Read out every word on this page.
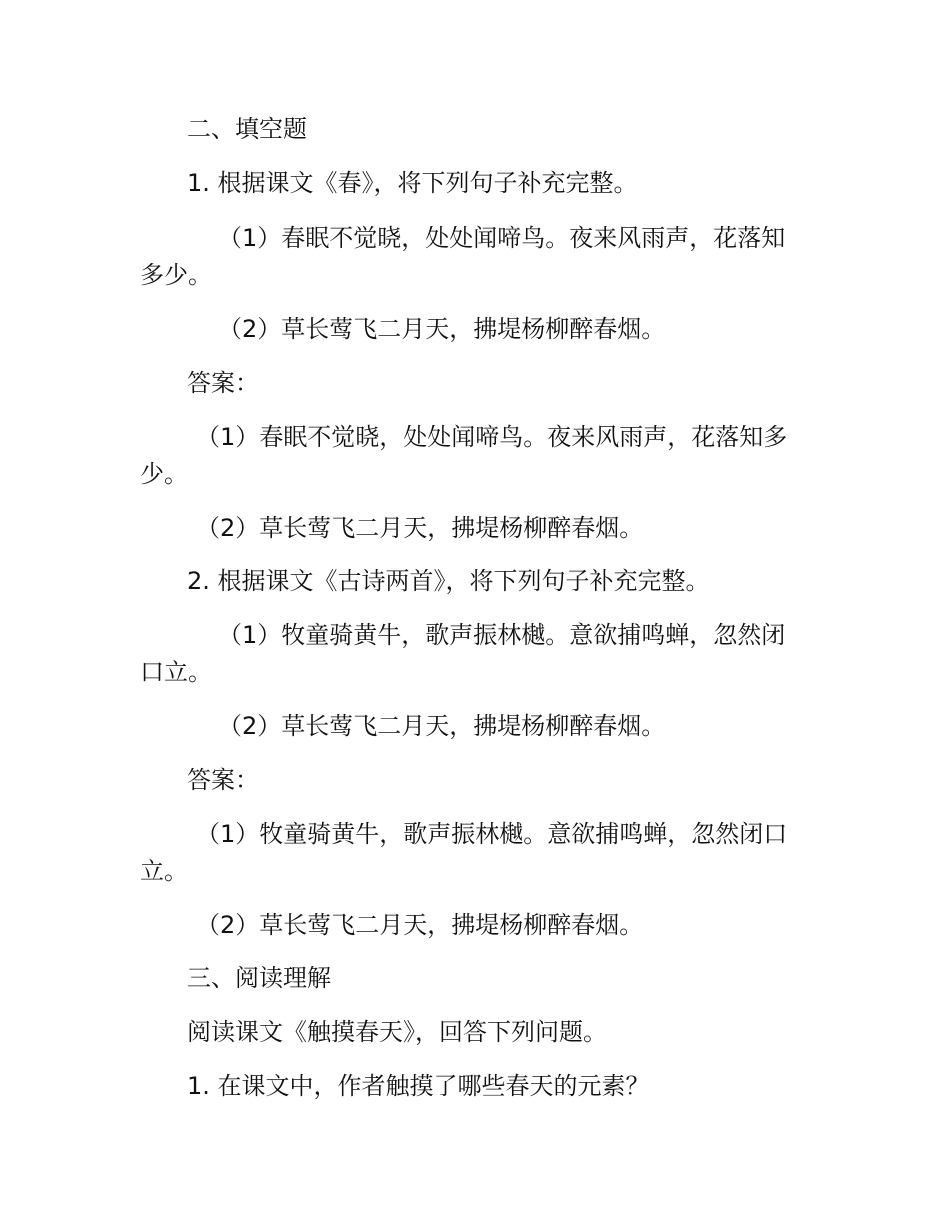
二、填空题
1. 根据课文《春》，将下列句子补充完整。
（1）春眠不觉晓，处处闻啼鸟。夜来风雨声，花落知
多少。
（2）草长莺飞二月天，拂堤杨柳醉春烟。
答案：
（1）春眠不觉晓，处处闻啼鸟。夜来风雨声，花落知多
少。
（2）草长莺飞二月天，拂堤杨柳醉春烟。
2. 根据课文《古诗两首》，将下列句子补充完整。
（1）牧童骑黄牛，歌声振林樾。意欲捕鸣蝉，忽然闭
口立。
（2）草长莺飞二月天，拂堤杨柳醉春烟。
答案：
（1）牧童骑黄牛，歌声振林樾。意欲捕鸣蝉，忽然闭口
立。
（2）草长莺飞二月天，拂堤杨柳醉春烟。
三、阅读理解
阅读课文《触摸春天》，回答下列问题。
1. 在课文中，作者触摸了哪些春天的元素？
